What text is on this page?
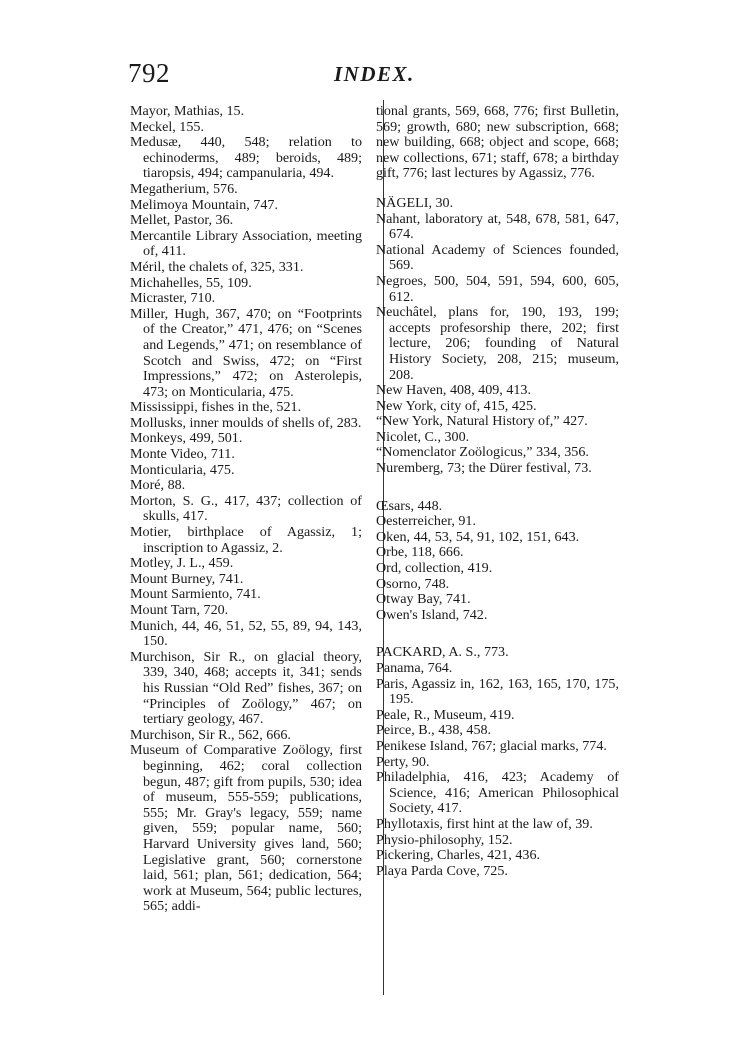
792	INDEX.
Mayor, Mathias, 15.
Meckel, 155.
Medusæ, 440, 548; relation to echinoderms, 489; beroids, 489; tiaropsis, 494; campanularia, 494.
Megatherium, 576.
Melimoya Mountain, 747.
Mellet, Pastor, 36.
Mercantile Library Association, meeting of, 411.
Méril, the chalets of, 325, 331.
Michahelles, 55, 109.
Micraster, 710.
Miller, Hugh, 367, 470; on “Footprints of the Creator,” 471, 476; on “Scenes and Legends,” 471; on resemblance of Scotch and Swiss, 472; on “First Impressions,” 472; on Asterolepis, 473; on Monticularia, 475.
Mississippi, fishes in the, 521.
Mollusks, inner moulds of shells of, 283.
Monkeys, 499, 501.
Monte Video, 711.
Monticularia, 475.
Moré, 88.
Morton, S. G., 417, 437; collection of skulls, 417.
Motier, birthplace of Agassiz, 1; inscription to Agassiz, 2.
Motley, J. L., 459.
Mount Burney, 741.
Mount Sarmiento, 741.
Mount Tarn, 720.
Munich, 44, 46, 51, 52, 55, 89, 94, 143, 150.
Murchison, Sir R., on glacial theory, 339, 340, 468; accepts it, 341; sends his Russian “Old Red” fishes, 367; on “Principles of Zoölogy,” 467; on tertiary geology, 467.
Murchison, Sir R., 562, 666.
Museum of Comparative Zoölogy, first beginning, 462; coral collection begun, 487; gift from pupils, 530; idea of museum, 555-559; publications, 555; Mr. Gray's legacy, 559; name given, 559; popular name, 560; Harvard University gives land, 560; Legislative grant, 560; cornerstone laid, 561; plan, 561; dedication, 564; work at Museum, 564; public lectures, 565; addi-
tional grants, 569, 668, 776; first Bulletin, 569; growth, 680; new subscription, 668; new building, 668; object and scope, 668; new collections, 671; staff, 678; a birthday gift, 776; last lectures by Agassiz, 776.
NÄGELI, 30.
Nahant, laboratory at, 548, 678, 581, 647, 674.
National Academy of Sciences founded, 569.
Negroes, 500, 504, 591, 594, 600, 605, 612.
Neuchâtel, plans for, 190, 193, 199; accepts profesorship there, 202; first lecture, 206; founding of Natural History Society, 208, 215; museum, 208.
New Haven, 408, 409, 413.
New York, city of, 415, 425.
“New York, Natural History of,” 427.
Nicolet, C., 300.
“Nomenclator Zoölogicus,” 334, 356.
Nuremberg, 73; the Dürer festival, 73.
Œsars, 448.
Oesterreicher, 91.
Oken, 44, 53, 54, 91, 102, 151, 643.
Orbe, 118, 666.
Ord, collection, 419.
Osorno, 748.
Otway Bay, 741.
Owen's Island, 742.
PACKARD, A. S., 773.
Panama, 764.
Paris, Agassiz in, 162, 163, 165, 170, 175, 195.
Peale, R., Museum, 419.
Peirce, B., 438, 458.
Penikese Island, 767; glacial marks, 774.
Perty, 90.
Philadelphia, 416, 423; Academy of Science, 416; American Philosophical Society, 417.
Phyllotaxis, first hint at the law of, 39.
Physio-philosophy, 152.
Pickering, Charles, 421, 436.
Playa Parda Cove, 725.
